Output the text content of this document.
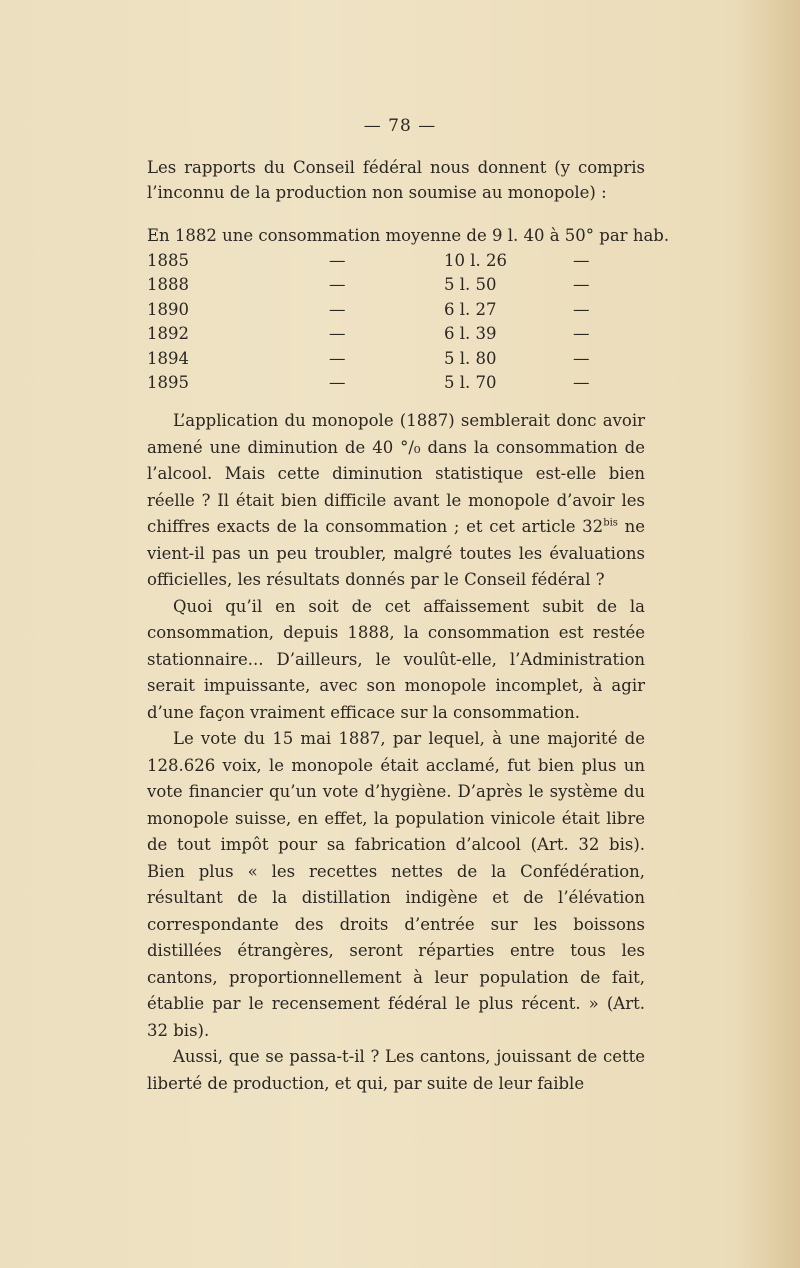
— 78 —

Les rapports du Conseil fédéral nous donnent (y compris l’inconnu de la production non soumise au monopole) :

En 1882 une consommation moyenne de 9 l. 40 à 50° par hab.
1885	—	10 l. 26	—
1888	—	5 l. 50	—
1890	—	6 l. 27	—
1892	—	6 l. 39	—
1894	—	5 l. 80	—
1895	—	5 l. 70	—

L’application du monopole (1887) semblerait donc avoir amené une diminution de 40 °/₀ dans la consommation de l’alcool. Mais cette diminution statistique est-elle bien réelle ? Il était bien difficile avant le monopole d’avoir les chiffres exacts de la consommation ; et cet article $32^{bis}$ ne vient-il pas un peu troubler, malgré toutes les évaluations officielles, les résultats donnés par le Conseil fédéral ?

Quoi qu’il en soit de cet affaissement subit de la consommation, depuis 1888, la consommation est restée stationnaire... D’ailleurs, le voulût-elle, l’Administration serait impuissante, avec son monopole incomplet, à agir d’une façon vraiment efficace sur la consommation.

Le vote du 15 mai 1887, par lequel, à une majorité de 128.626 voix, le monopole était acclamé, fut bien plus un vote financier qu’un vote d’hygiène. D’après le système du monopole suisse, en effet, la population vinicole était libre de tout impôt pour sa fabrication d’alcool (Art. 32 bis). Bien plus « les recettes nettes de la Confédération, résultant de la distillation indigène et de l’élévation correspondante des droits d’entrée sur les boissons distillées étrangères, seront réparties entre tous les cantons, proportionnellement à leur population de fait, établie par le recensement fédéral le plus récent. » (Art. 32 bis).

Aussi, que se passa-t-il ? Les cantons, jouissant de cette liberté de production, et qui, par suite de leur faible
